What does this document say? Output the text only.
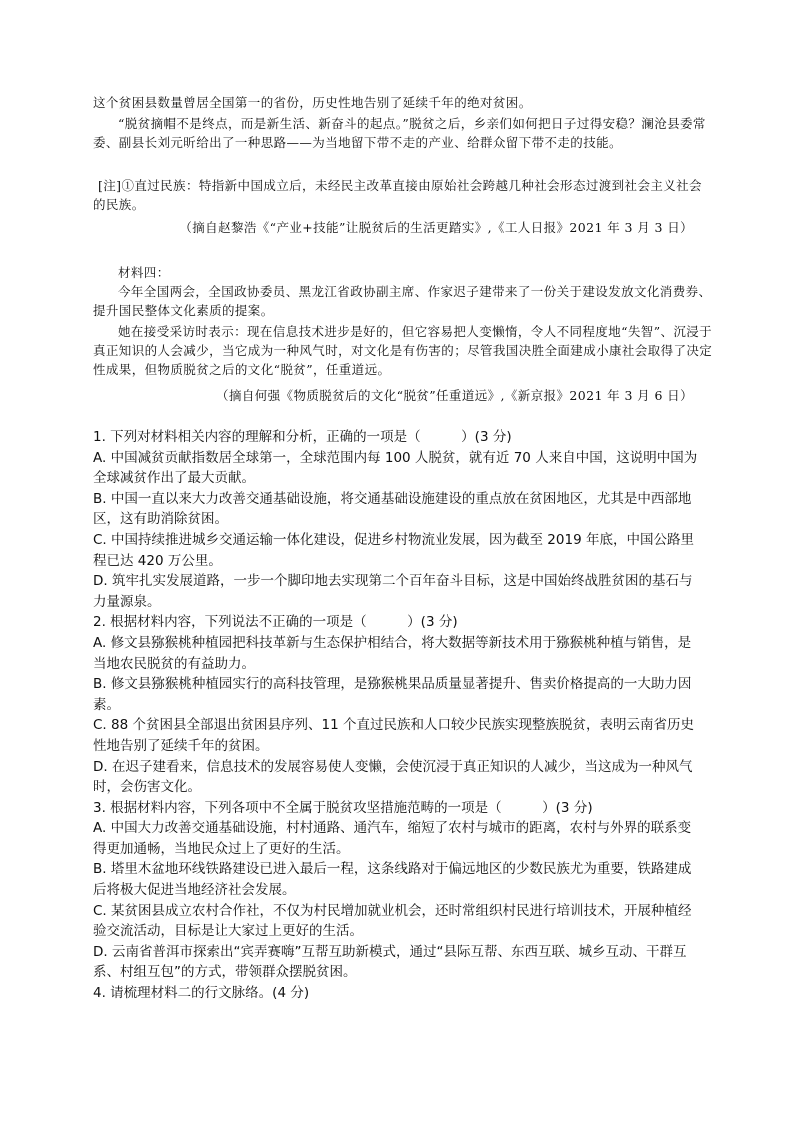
这个贫困县数量曾居全国第一的省份，历史性地告别了延续千年的绝对贫困。

“脱贫摘帽不是终点，而是新生活、新奋斗的起点。”脱贫之后，乡亲们如何把日子过得安稳？澜沧县委常委、副县长刘元昕给出了一种思路——为当地留下带不走的产业、给群众留下带不走的技能。

[注]①直过民族：特指新中国成立后，未经民主改革直接由原始社会跨越几种社会形态过渡到社会主义社会的民族。

（摘自赵黎浩《“产业+技能”让脱贫后的生活更踏实》,《工人日报》2021 年 3 月 3 日）

材料四：

今年全国两会，全国政协委员、黑龙江省政协副主席、作家迟子建带来了一份关于建设发放文化消费券、提升国民整体文化素质的提案。

她在接受采访时表示：现在信息技术进步是好的，但它容易把人变懒惰，令人不同程度地“失智”、沉浸于真正知识的人会减少，当它成为一种风气时，对文化是有伤害的；尽管我国决胜全面建成小康社会取得了决定性成果，但物质脱贫之后的文化“脱贫”，任重道远。

（摘自何强《物质脱贫后的文化“脱贫”任重道远》,《新京报》2021 年 3 月 6 日）

1. 下列对材料相关内容的理解和分析，正确的一项是（　　　）(3 分)
A. 中国减贫贡献指数居全球第一，全球范围内每 100 人脱贫，就有近 70 人来自中国，这说明中国为全球减贫作出了最大贡献。
B. 中国一直以来大力改善交通基础设施，将交通基础设施建设的重点放在贫困地区，尤其是中西部地区，这有助消除贫困。
C. 中国持续推进城乡交通运输一体化建设，促进乡村物流业发展，因为截至 2019 年底，中国公路里程已达 420 万公里。
D. 筑牢扎实发展道路，一步一个脚印地去实现第二个百年奋斗目标，这是中国始终战胜贫困的基石与力量源泉。
2. 根据材料内容，下列说法不正确的一项是（　　　）(3 分)
A. 修文县猕猴桃种植园把科技革新与生态保护相结合，将大数据等新技术用于猕猴桃种植与销售，是当地农民脱贫的有益助力。
B. 修文县猕猴桃种植园实行的高科技管理，是猕猴桃果品质量显著提升、售卖价格提高的一大助力因素。
C. 88 个贫困县全部退出贫困县序列、11 个直过民族和人口较少民族实现整族脱贫，表明云南省历史性地告别了延续千年的贫困。
D. 在迟子建看来，信息技术的发展容易使人变懒，会使沉浸于真正知识的人减少，当这成为一种风气时，会伤害文化。
3. 根据材料内容，下列各项中不全属于脱贫攻坚措施范畴的一项是（　　　）(3 分)
A. 中国大力改善交通基础设施，村村通路、通汽车，缩短了农村与城市的距离，农村与外界的联系变得更加通畅，当地民众过上了更好的生活。
B. 塔里木盆地环线铁路建设已进入最后一程，这条线路对于偏远地区的少数民族尤为重要，铁路建成后将极大促进当地经济社会发展。
C. 某贫困县成立农村合作社，不仅为村民增加就业机会，还时常组织村民进行培训技术，开展种植经验交流活动，目标是让大家过上更好的生活。
D. 云南省普洱市探索出“宾弄赛嗨”互帮互助新模式，通过“县际互帮、东西互联、城乡互动、干群互系、村组互包”的方式，带领群众摆脱贫困。
4. 请梳理材料二的行文脉络。(4 分)
